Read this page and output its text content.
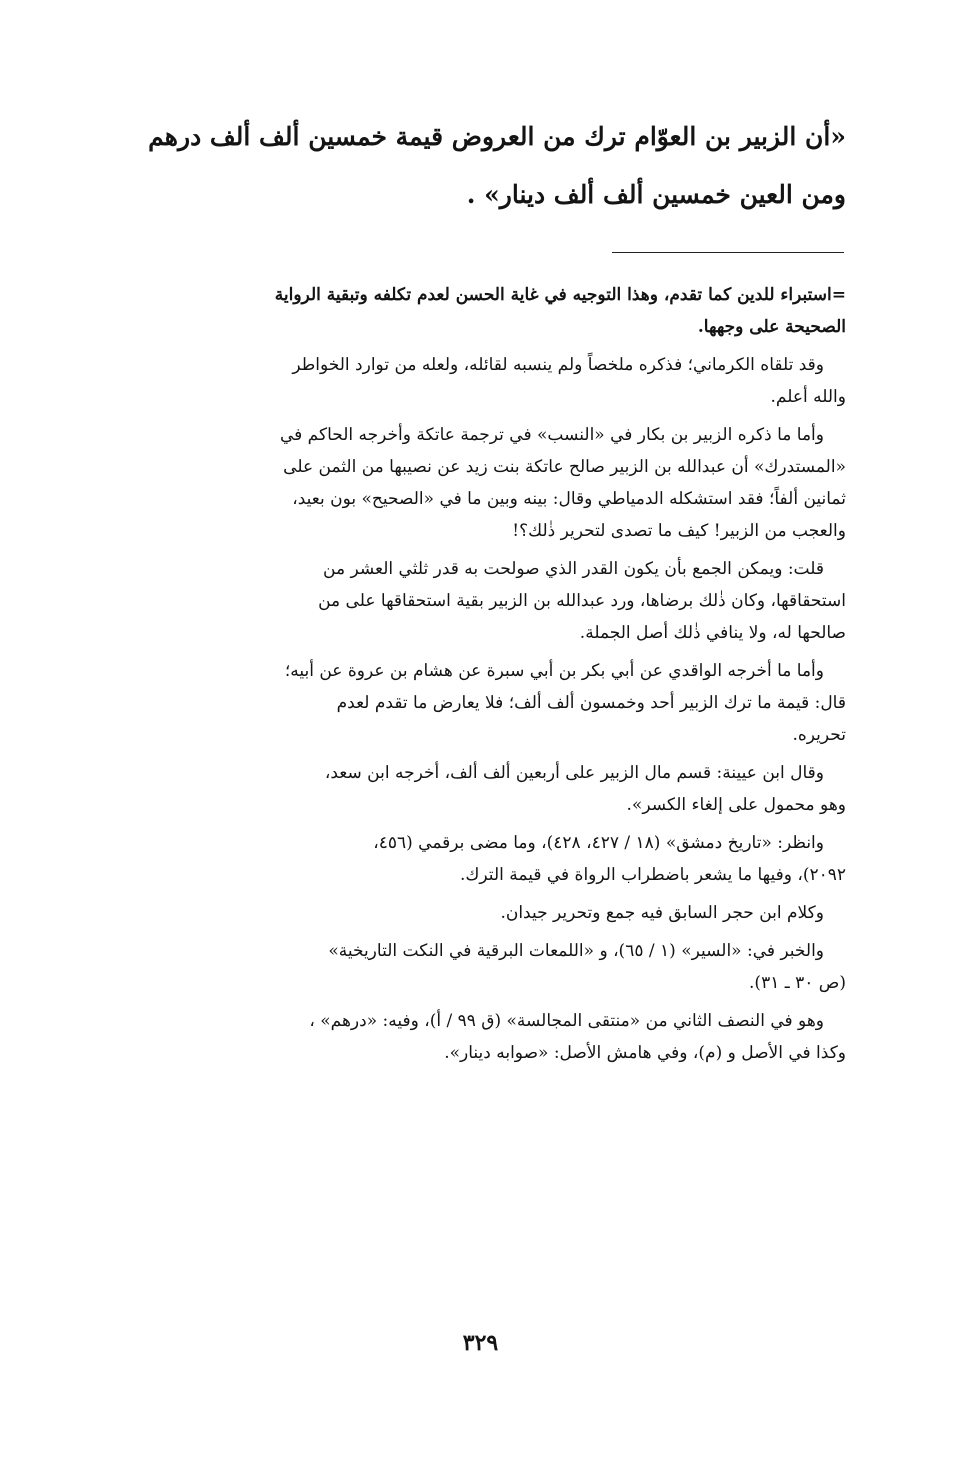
«أن الزبير بن العوّام ترك من العروض قيمة خمسين ألف ألف درهم
ومن العين خمسين ألف ألف دينار» .
=استبراء للدين كما تقدم، وهذا التوجيه في غاية الحسن لعدم تكلفه وتبقية الرواية
الصحيحة على وجهها.
وقد تلقاه الكرماني؛ فذكره ملخصاً ولم ينسبه لقائله، ولعله من توارد الخواطر
والله أعلم.
وأما ما ذكره الزبير بن بكار في «النسب» في ترجمة عاتكة وأخرجه الحاكم في
«المستدرك» أن عبدالله بن الزبير صالح عاتكة بنت زيد عن نصيبها من الثمن على
ثمانين ألفاً؛ فقد استشكله الدمياطي وقال: بينه وبين ما في «الصحيح» بون بعيد،
والعجب من الزبير! كيف ما تصدى لتحرير ذٰلك؟!
قلت: ويمكن الجمع بأن يكون القدر الذي صولحت به قدر ثلثي العشر من
استحقاقها، وكان ذٰلك برضاها، ورد عبدالله بن الزبير بقية استحقاقها على من
صالحها له، ولا ينافي ذٰلك أصل الجملة.
وأما ما أخرجه الواقدي عن أبي بكر بن أبي سبرة عن هشام بن عروة عن أبيه؛
قال: قيمة ما ترك الزبير أحد وخمسون ألف ألف؛ فلا يعارض ما تقدم لعدم
تحريره.
وقال ابن عيينة: قسم مال الزبير على أربعين ألف ألف، أخرجه ابن سعد،
وهو محمول على إلغاء الكسر».
وانظر: «تاريخ دمشق» (١٨ / ٤٢٧، ٤٢٨)، وما مضى برقمي (٤٥٦،
٢٠٩٢)، وفيها ما يشعر باضطراب الرواة في قيمة الترك.
وكلام ابن حجر السابق فيه جمع وتحرير جيدان.
والخبر في: «السير» (١ / ٦٥)، و «اللمعات البرقية في النكت التاريخية»
(ص ٣٠ ـ ٣١).
وهو في النصف الثاني من «منتقى المجالسة» (ق ٩٩ / أ)، وفيه: «درهم» ،
وكذا في الأصل و (م)، وفي هامش الأصل: «صوابه دينار».
٣٢٩
